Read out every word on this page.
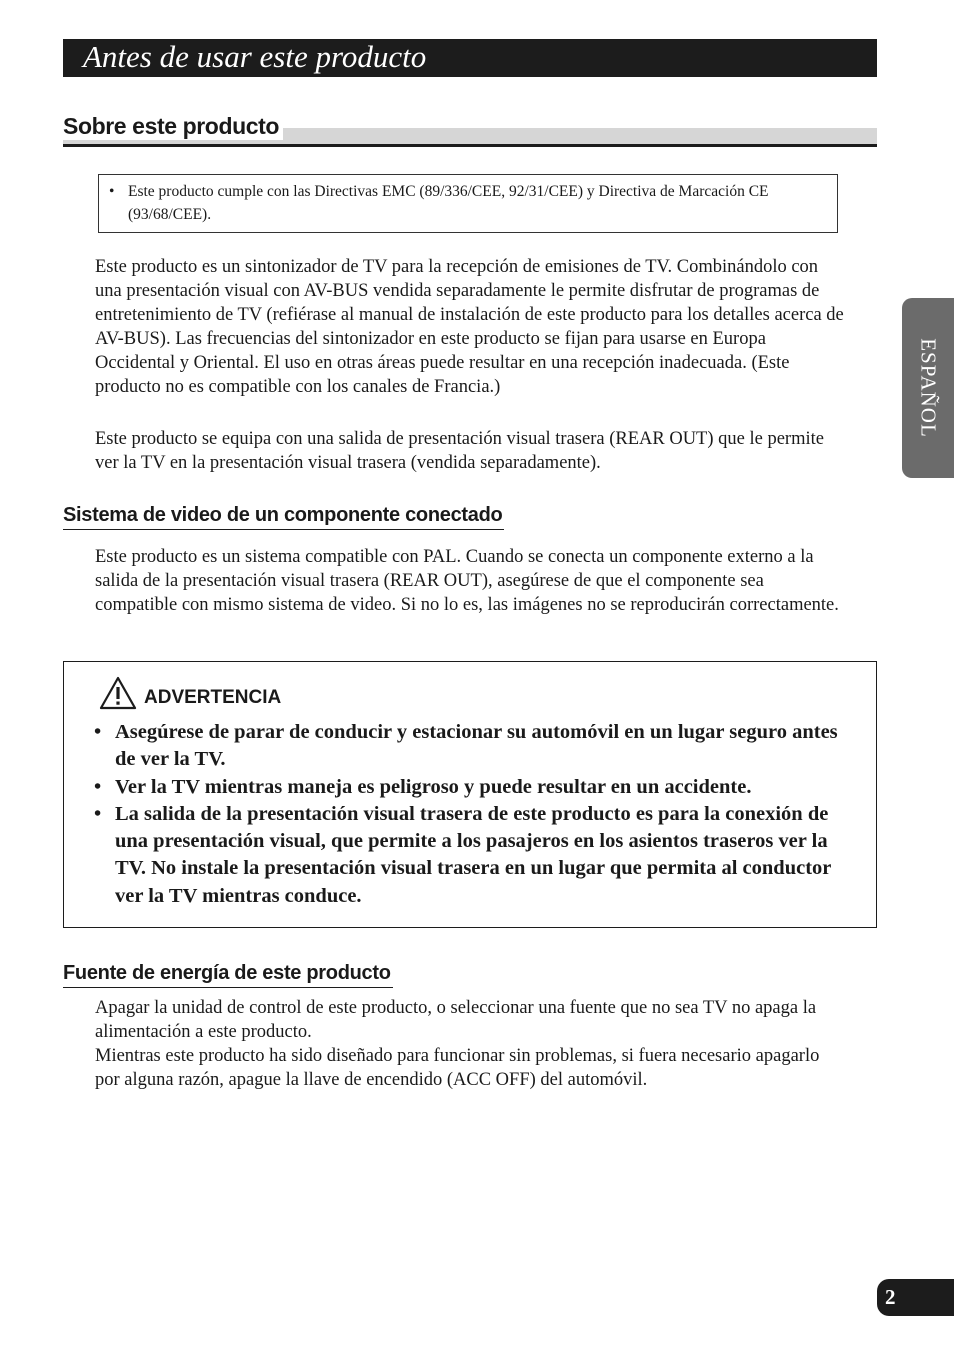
Antes de usar este producto
Sobre este producto
• Este producto cumple con las Directivas EMC (89/336/CEE, 92/31/CEE) y Directiva de Marcación CE (93/68/CEE).
Este producto es un sintonizador de TV para la recepción de emisiones de TV. Combinándolo con una presentación visual con AV-BUS vendida separadamente le permite disfrutar de programas de entretenimiento de TV (refiérase al manual de instalación de este producto para los detalles acerca de AV-BUS). Las frecuencias del sintonizador en este producto se fijan para usarse en Europa Occidental y Oriental. El uso en otras áreas puede resultar en una recepción inadecuada. (Este producto no es compatible con los canales de Francia.)
Este producto se equipa con una salida de presentación visual trasera (REAR OUT) que le permite ver la TV en la presentación visual trasera (vendida separadamente).
Sistema de video de un componente conectado
Este producto es un sistema compatible con PAL. Cuando se conecta un componente externo a la salida de la presentación visual trasera (REAR OUT), asegúrese de que el componente sea compatible con mismo sistema de video. Si no lo es, las imágenes no se reproducirán correctamente.
ADVERTENCIA
• Asegúrese de parar de conducir y estacionar su automóvil en un lugar seguro antes de ver la TV.
• Ver la TV mientras maneja es peligroso y puede resultar en un accidente.
• La salida de la presentación visual trasera de este producto es para la conexión de una presentación visual, que permite a los pasajeros en los asientos traseros ver la TV. No instale la presentación visual trasera en un lugar que permita al conductor ver la TV mientras conduce.
Fuente de energía de este producto
Apagar la unidad de control de este producto, o seleccionar una fuente que no sea TV no apaga la alimentación a este producto.
Mientras este producto ha sido diseñado para funcionar sin problemas, si fuera necesario apagarlo por alguna razón, apague la llave de encendido (ACC OFF) del automóvil.
ESPAÑOL
2
